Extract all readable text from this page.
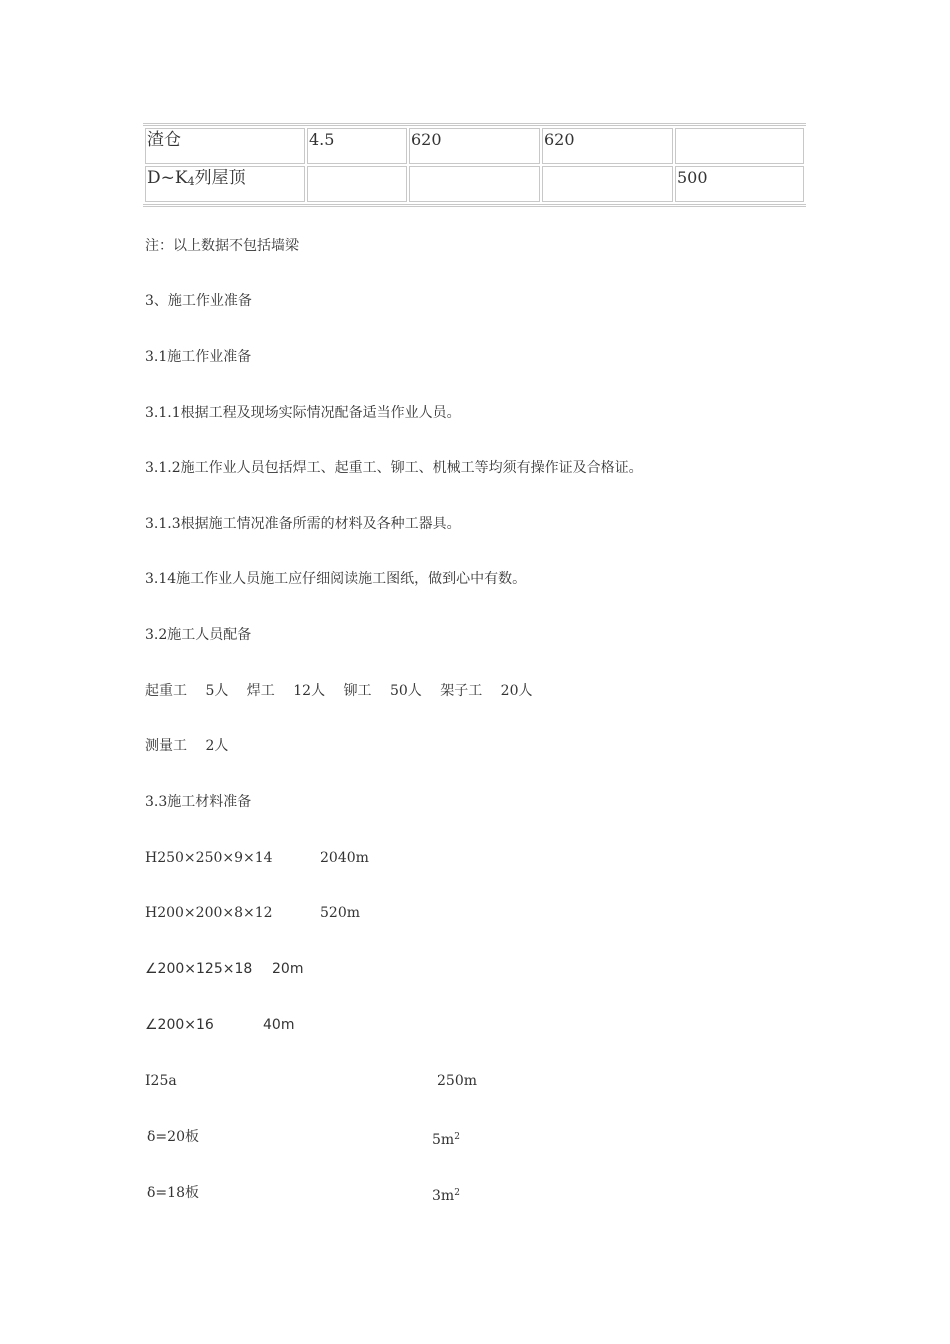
渣仓	4.5	620	620	
D~K4列屋顶				500
注：以上数据不包括墙梁
3、施工作业准备
3.1施工作业准备
3.1.1根据工程及现场实际情况配备适当作业人员。
3.1.2施工作业人员包括焊工、起重工、铆工、机械工等均须有操作证及合格证。
3.1.3根据施工情况准备所需的材料及各种工器具。
3.14施工作业人员施工应仔细阅读施工图纸，做到心中有数。
3.2施工人员配备
起重工　 5人　 焊工　 12人　 铆工　 50人　 架子工　 20人
测量工　 2人
3.3施工材料准备
H250×250×9×14	2040m
H200×200×8×12	520m
∠200×125×18 20m
∠200×16	40m
I25a	250m
δ=20板	$5m^2$
δ=18板	$3m^2$
